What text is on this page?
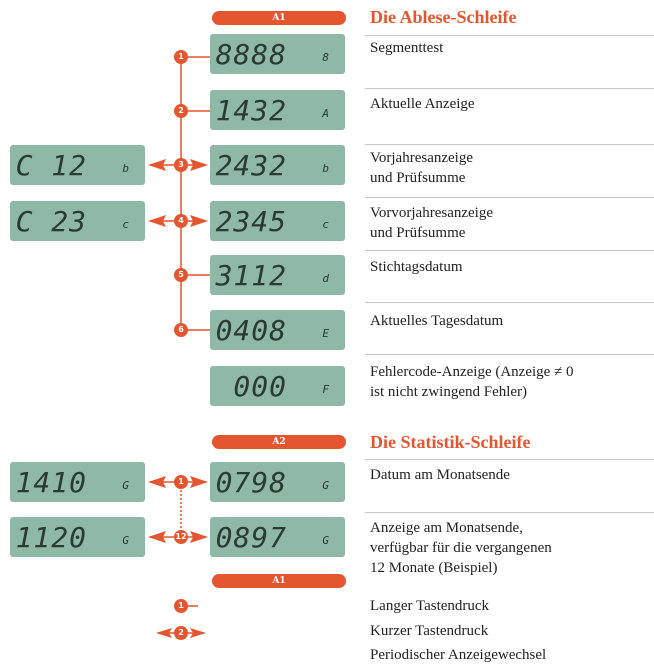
A1
A2
A1
Die Ablese-Schleife
Die Statistik-Schleife
8888	8
Segmenttest
1
1432	A
Aktuelle Anzeige
2
2432	b
C 12	b
Vorjahresanzeige
und Prüfsumme
3
2345	c
C 23	c
Vorvorjahresanzeige
und Prüfsumme
4
3112	d
Stichtagsdatum
5
0408	E
Aktuelles Tagesdatum
6
000	F
Fehlercode-Anzeige (Anzeige ≠ 0
ist nicht zwingend Fehler)
0798	G
1410	G
Datum am Monatsende
1
0897	G
1120	G
Anzeige am Monatsende,
verfügbar für die vergangenen
12 Monate (Beispiel)
12
1	Langer Tastendruck
2	Kurzer Tastendruck
Periodischer Anzeigewechsel
